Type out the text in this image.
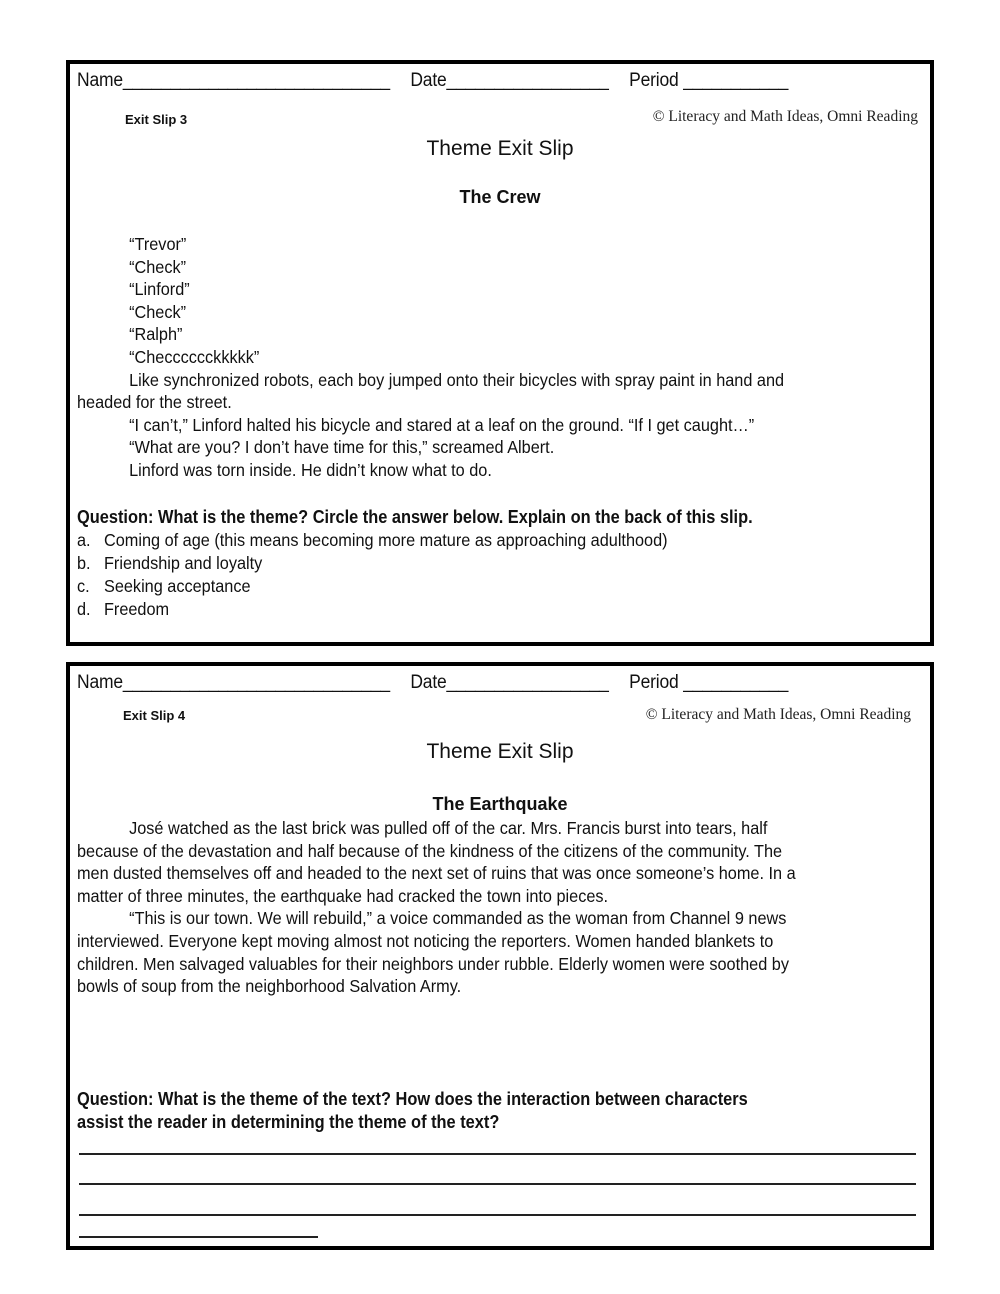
Name____________________________ Date_________________ Period ___________
Exit Slip 3	© Literacy and Math Ideas, Omni Reading
Theme Exit Slip
The Crew
“Trevor”
“Check”
“Linford”
“Check”
“Ralph”
“Checccccckkkkk”
Like synchronized robots, each boy jumped onto their bicycles with spray paint in hand and
headed for the street.
“I can’t,” Linford halted his bicycle and stared at a leaf on the ground. “If I get caught…”
“What are you? I don’t have time for this,” screamed Albert.
Linford was torn inside. He didn’t know what to do.
Question: What is the theme? Circle the answer below. Explain on the back of this slip.
a. Coming of age (this means becoming more mature as approaching adulthood)
b. Friendship and loyalty
c. Seeking acceptance
d. Freedom
Name____________________________ Date_________________ Period ___________
Exit Slip 4	© Literacy and Math Ideas, Omni Reading
Theme Exit Slip
The Earthquake
José watched as the last brick was pulled off of the car. Mrs. Francis burst into tears, half
because of the devastation and half because of the kindness of the citizens of the community. The
men dusted themselves off and headed to the next set of ruins that was once someone’s home. In a
matter of three minutes, the earthquake had cracked the town into pieces.
“This is our town. We will rebuild,” a voice commanded as the woman from Channel 9 news
interviewed. Everyone kept moving almost not noticing the reporters. Women handed blankets to
children. Men salvaged valuables for their neighbors under rubble. Elderly women were soothed by
bowls of soup from the neighborhood Salvation Army.
Question: What is the theme of the text? How does the interaction between characters
assist the reader in determining the theme of the text?
